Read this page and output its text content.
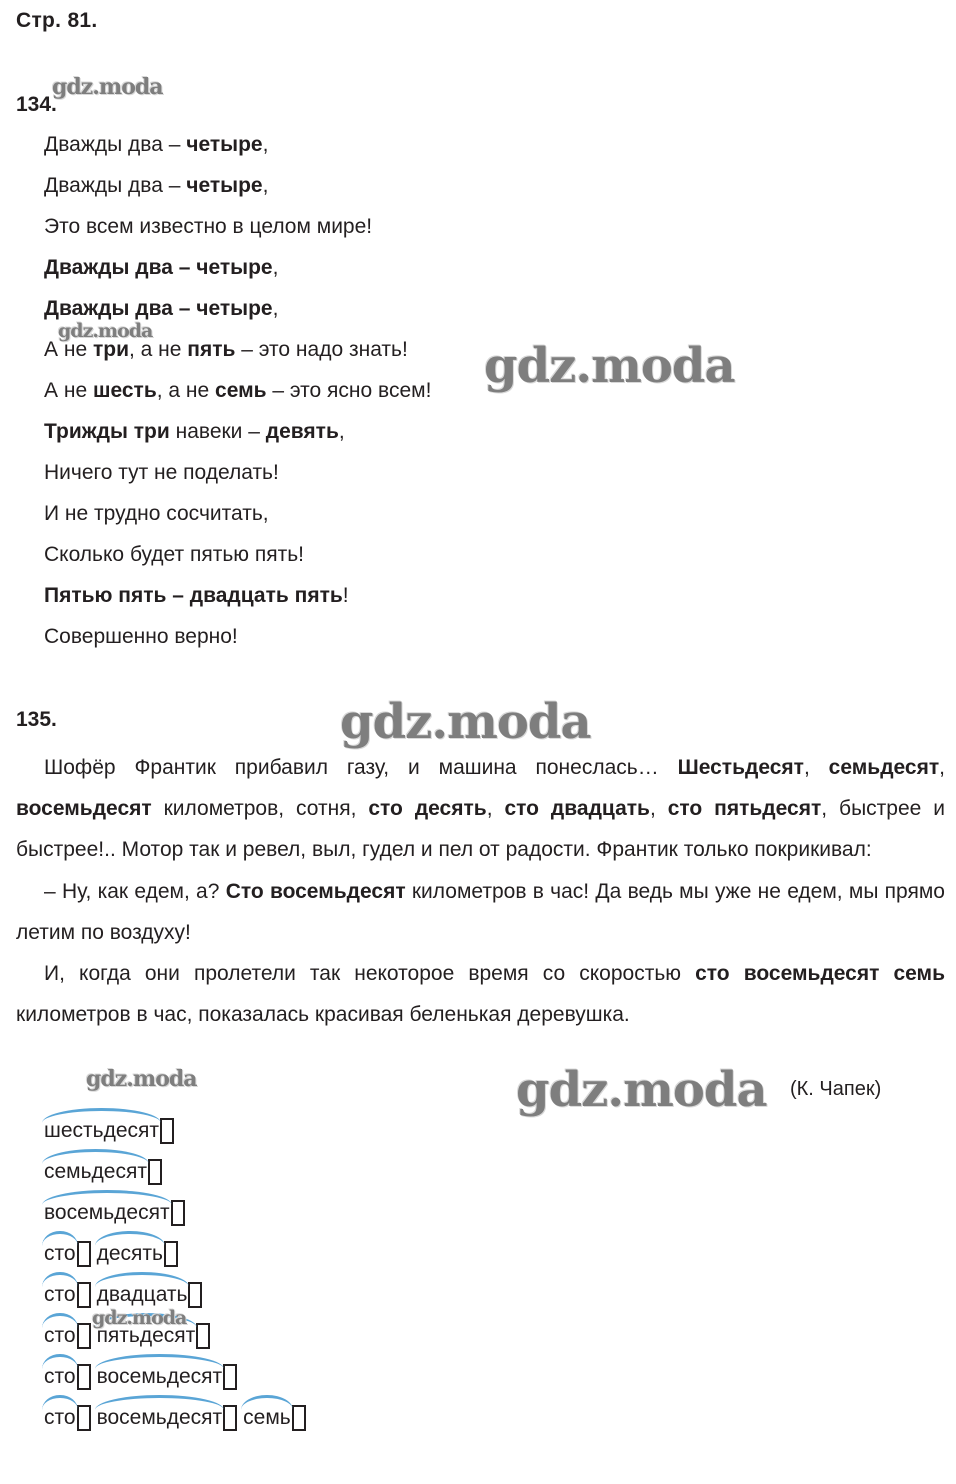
Стр. 81.
134.
Дважды два – четыре,
Дважды два – четыре,
Это всем известно в целом мире!
Дважды два – четыре,
Дважды два – четыре,
А не три, а не пять – это надо знать!
А не шесть, а не семь – это ясно всем!
Трижды три навеки – девять,
Ничего тут не поделать!
И не трудно сосчитать,
Сколько будет пятью пять!
Пятью пять – двадцать пять!
Совершенно верно!
135.

Шофёр Франтик прибавил газу, и машина понеслась… Шестьдесят, семьдесят, восемьдесят километров, сотня, сто десять, сто двадцать, сто пятьдесят, быстрее и быстрее!.. Мотор так и ревел, выл, гудел и пел от радости. Франтик только покрикивал:

– Ну, как едем, а? Сто восемьдесят километров в час! Да ведь мы уже не едем, мы прямо летим по воздуху!

И, когда они пролетели так некоторое время со скоростью сто восемьдесят семь километров в час, показалась красивая беленькая деревушка.

(К. Чапек)
шестьдесят
семьдесят
восемьдесят
сто десять
сто двадцать
сто пятьдесят
сто восемьдесят
сто восемьдесят семь
gdz.moda
gdz.moda
gdz.moda
gdz.moda
gdz.moda	gdz.moda
gdz.moda
